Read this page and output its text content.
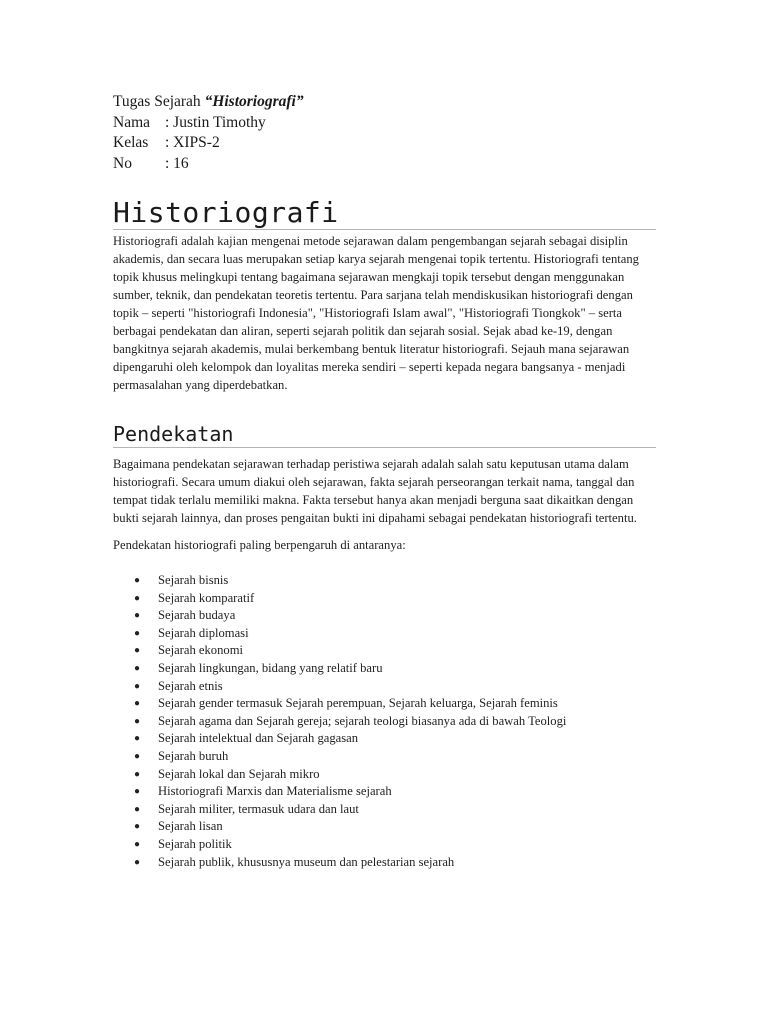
Tugas Sejarah “Historiografi”
Nama : Justin Timothy
Kelas	: XIPS-2
No	: 16
Historiografi

Historiografi adalah kajian mengenai metode sejarawan dalam pengembangan sejarah sebagai disiplin akademis, dan secara luas merupakan setiap karya sejarah mengenai topik tertentu. Historiografi tentang topik khusus melingkupi tentang bagaimana sejarawan mengkaji topik tersebut dengan menggunakan sumber, teknik, dan pendekatan teoretis tertentu. Para sarjana telah mendiskusikan historiografi dengan topik – seperti "historiografi Indonesia", "Historiografi Islam awal", "Historiografi Tiongkok" – serta berbagai pendekatan dan aliran, seperti sejarah politik dan sejarah sosial. Sejak abad ke-19, dengan bangkitnya sejarah akademis, mulai berkembang bentuk literatur historiografi. Sejauh mana sejarawan dipengaruhi oleh kelompok dan loyalitas mereka sendiri – seperti kepada negara bangsanya - menjadi permasalahan yang diperdebatkan.

Pendekatan

Bagaimana pendekatan sejarawan terhadap peristiwa sejarah adalah salah satu keputusan utama dalam historiografi. Secara umum diakui oleh sejarawan, fakta sejarah perseorangan terkait nama, tanggal dan tempat tidak terlalu memiliki makna. Fakta tersebut hanya akan menjadi berguna saat dikaitkan dengan bukti sejarah lainnya, dan proses pengaitan bukti ini dipahami sebagai pendekatan historiografi tertentu.

Pendekatan historiografi paling berpengaruh di antaranya:

● Sejarah bisnis
● Sejarah komparatif
● Sejarah budaya
● Sejarah diplomasi
● Sejarah ekonomi
● Sejarah lingkungan, bidang yang relatif baru
● Sejarah etnis
● Sejarah gender termasuk Sejarah perempuan, Sejarah keluarga, Sejarah feminis
● Sejarah agama dan Sejarah gereja; sejarah teologi biasanya ada di bawah Teologi
● Sejarah intelektual dan Sejarah gagasan
● Sejarah buruh
● Sejarah lokal dan Sejarah mikro
● Historiografi Marxis dan Materialisme sejarah
● Sejarah militer, termasuk udara dan laut
● Sejarah lisan
● Sejarah politik
● Sejarah publik, khususnya museum dan pelestarian sejarah
